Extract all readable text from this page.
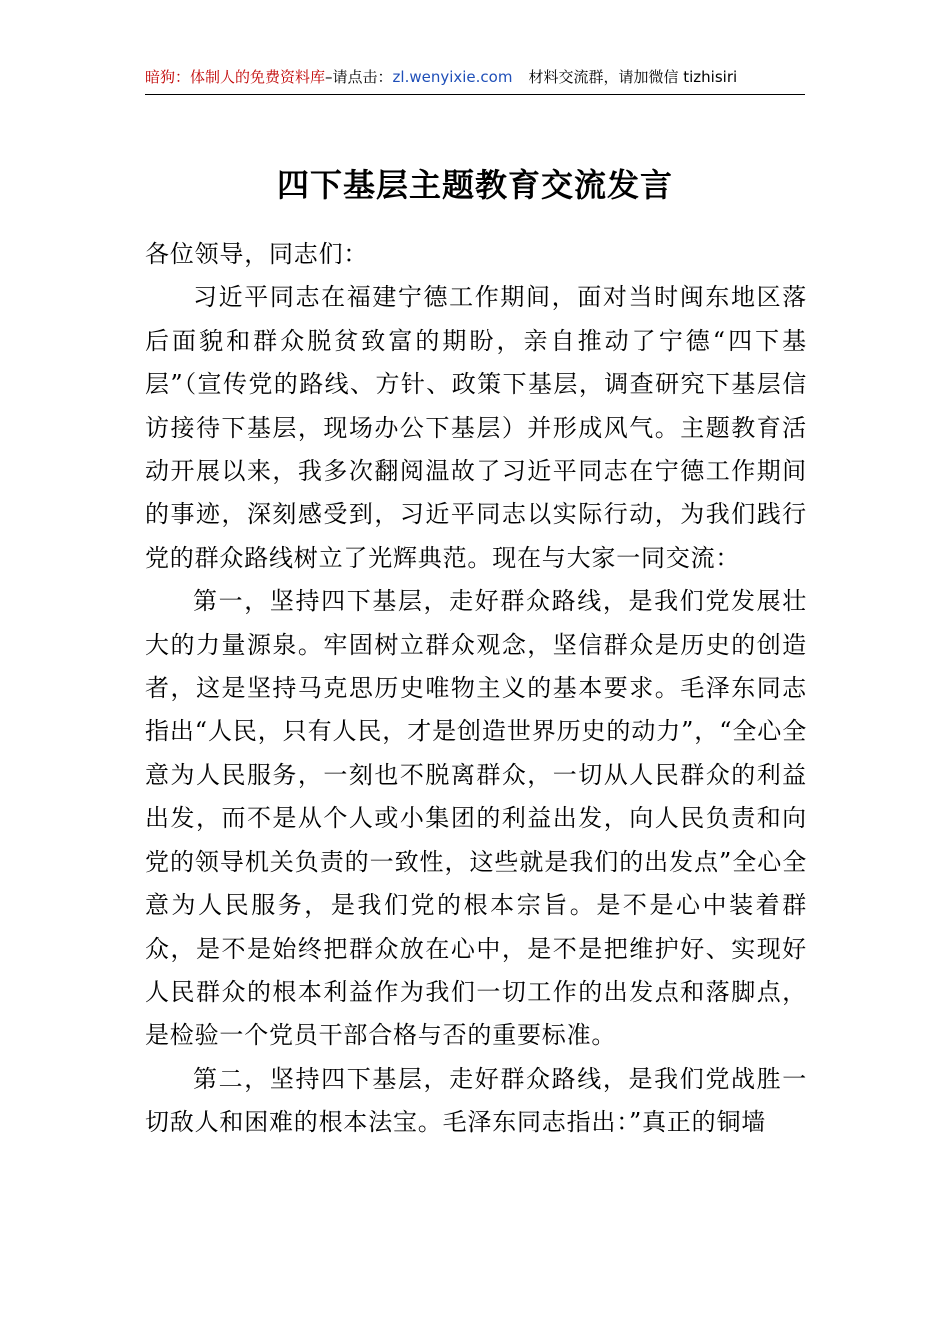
暗狗：体制人的免费资料库–请点击：zl.wenyixie.com 材料交流群，请加微信 tizhisiri
四下基层主题教育交流发言

各位领导，同志们：

习近平同志在福建宁德工作期间，面对当时闽东地区落后面貌和群众脱贫致富的期盼，亲自推动了宁德“四下基层”（宣传党的路线、方针、政策下基层，调查研究下基层信访接待下基层，现场办公下基层）并形成风气。主题教育活动开展以来，我多次翻阅温故了习近平同志在宁德工作期间的事迹，深刻感受到，习近平同志以实际行动，为我们践行党的群众路线树立了光辉典范。现在与大家一同交流：

第一，坚持四下基层，走好群众路线，是我们党发展壮大的力量源泉。牢固树立群众观念，坚信群众是历史的创造者，这是坚持马克思历史唯物主义的基本要求。毛泽东同志指出“人民，只有人民，才是创造世界历史的动力”，“全心全意为人民服务，一刻也不脱离群众，一切从人民群众的利益出发，而不是从个人或小集团的利益出发，向人民负责和向党的领导机关负责的一致性，这些就是我们的出发点”全心全意为人民服务，是我们党的根本宗旨。是不是心中装着群众，是不是始终把群众放在心中，是不是把维护好、实现好人民群众的根本利益作为我们一切工作的出发点和落脚点，是检验一个党员干部合格与否的重要标准。

第二，坚持四下基层，走好群众路线，是我们党战胜一切敌人和困难的根本法宝。毛泽东同志指出：”真正的铜墙
